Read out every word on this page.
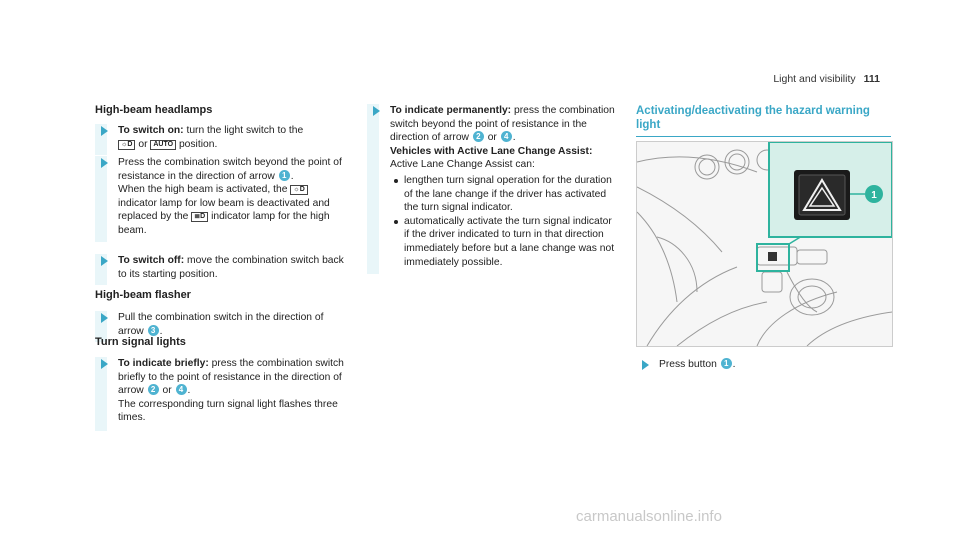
Light and visibility 111
High-beam headlamps
To switch on: turn the light switch to the
☼D or AUTO position.
Press the combination switch beyond the point of resistance in the direction of arrow 1 .
When the high beam is activated, the ☼D indicator lamp for low beam is deactivated and replaced by the ≣D indicator lamp for the high beam.
To switch off: move the combination switch back to its starting position.
High-beam flasher
Pull the combination switch in the direction of arrow 3 .
Turn signal lights
To indicate briefly: press the combination switch briefly to the point of resistance in the direction of arrow 2 or 4 .
The corresponding turn signal light flashes three times.
To indicate permanently: press the combination switch beyond the point of resistance in the direction of arrow 2 or 4 .
Vehicles with Active Lane Change Assist:
Active Lane Change Assist can:
lengthen turn signal operation for the duration of the lane change if the driver has activated the turn signal indicator.
automatically activate the turn signal indicator if the driver indicated to turn in that direction immediately before but a lane change was not immediately possible.
Activating/deactivating the hazard warning light
1
Press button 1 .
carmanualsonline.info
